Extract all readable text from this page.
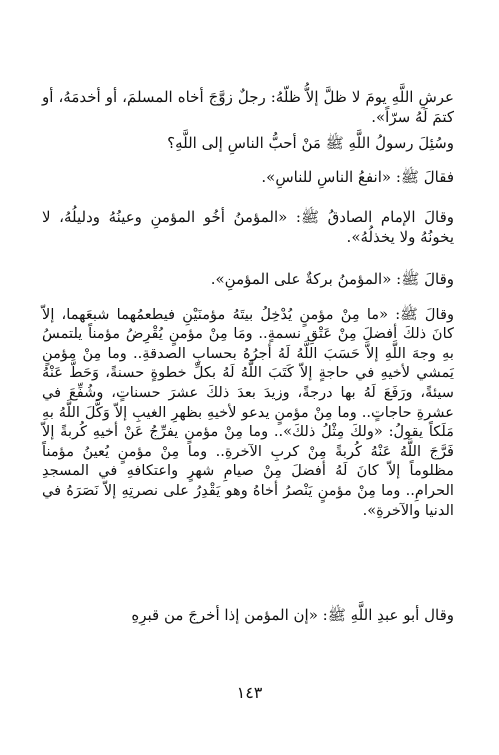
عرشِ اللَّهِ يومَ لا ظلَّ إلاُّ ظلّهُ: رجلٌ زوَّجَ أخاه المسلمَ، أو أخدمَهُ، أو كتمَ لَهُ سرّاً».

وسُئِلَ رسولُ اللَّهِ ﷺ مَنْ أحبُّ الناسِ إلى اللَّهِ؟

فقالَ ﷺ: «انفعُ الناسِ للناسِ».

وقالَ الإمام الصادقُ ﷺ: «المؤمنُ أخُو المؤمنِ وعينُهُ ودليلُهُ، لا يخونُهُ ولا يخذلُهُ».

وقالَ ﷺ: «المؤمنُ بركةٌ على المؤمنِ».

وقالَ ﷺ: «ما مِنْ مؤمنٍ يُدْخِلُ بيتَهُ مؤمنَيْنِ فيطعمُهما شبعَهما، إلاّ كانَ ذلكَ أفضلَ مِنْ عَتْقِ نسمةٍ.. ومَا مِنْ مؤمنٍ يُقْرِضُ مؤمناً يلتمسُ بهِ وجهَ اللَّهِ إلاَّ حَسَبَ اللَّهُ لَهُ أجرُهُ بحسابِ الصدقةِ.. وما مِنْ مؤمنٍ يَمشي لأخيهِ في حاجةٍ إلاّ كَتَبَ اللَّهُ لَهُ بكلِّ خطوةٍ حسنةً، وَحَطَّ عَنْهُ سيئةً، ورَفَعَ لَهُ بها درجةً، وزيدَ بعدَ ذلكَ عشرَ حسناتٍ، وشُفِّعَ في عشرةِ حاجاتٍ.. وما مِنْ مؤمنٍ يدعو لأخيهِ بظهرِ الغيبِ إلاّ وَكَّلَ اللَّهُ بهِ مَلَكاً يقولُ: «ولكَ مِثْلُ ذلكَ».. وما مِنْ مؤمنٍ يفرِّجُ عَنْ أخيهِ كُربةً إلاّ فَرَّجَ اللَّهُ عَنْهُ كُربةً مِنْ كربِ الآخرةِ.. وما مِنْ مؤمنٍ يُعينُ مؤمناً مظلوماً إلاّ كانَ لَهُ أفضلَ مِنْ صيامِ شهرٍ واعتكافهِ في المسجدِ الحرامِ.. وما مِنْ مؤمنٍ يَنْصرُ أخاهُ وهو يَقْدِرُ على نصرتِهِ إلاّ نَصَرَهُ في الدنيا والآخرةِ».

وقال أبو عبدِ اللَّهِ ﷺ: «إن المؤمن إذا أخرجَ من قبرِهِ

١٤٣
